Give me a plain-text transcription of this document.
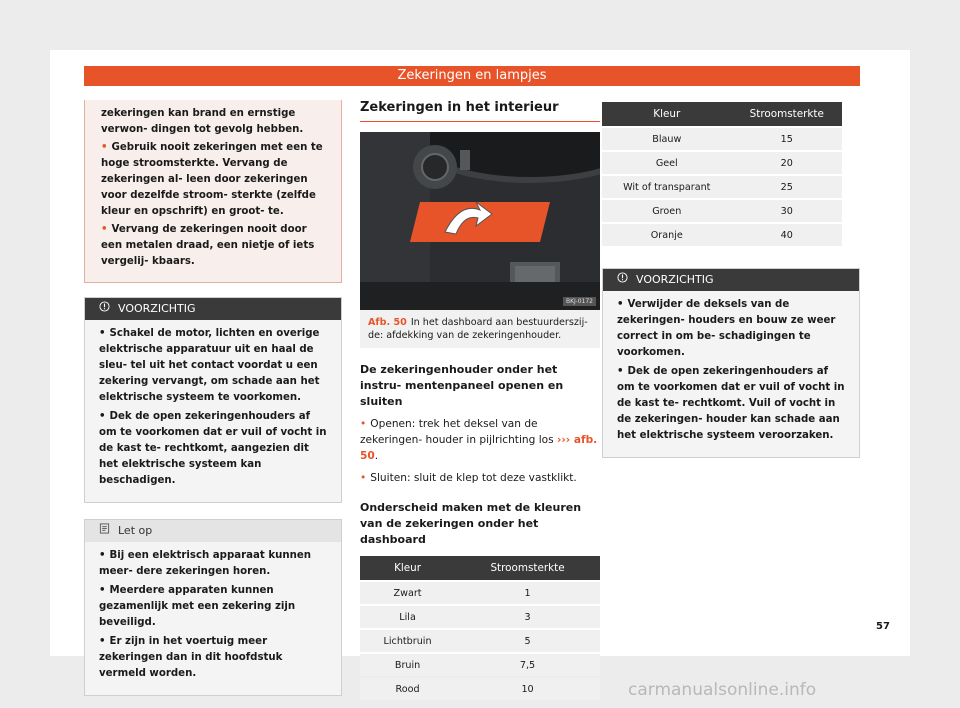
Zekeringen en lampjes

zekeringen kan brand en ernstige verwon- dingen tot gevolg hebben.

• Gebruik nooit zekeringen met een te hoge stroomsterkte. Vervang de zekeringen al- leen door zekeringen voor dezelfde stroom- sterkte (zelfde kleur en opschrift) en groot- te.

• Vervang de zekeringen nooit door een metalen draad, een nietje of iets vergelij- kbaars.

VOORZICHTIG

• Schakel de motor, lichten en overige elektrische apparatuur uit en haal de sleu- tel uit het contact voordat u een zekering vervangt, om schade aan het elektrische systeem te voorkomen.

• Dek de open zekeringenhouders af om te voorkomen dat er vuil of vocht in de kast te- rechtkomt, aangezien dit het elektrische systeem kan beschadigen.

Let op

• Bij een elektrisch apparaat kunnen meer- dere zekeringen horen.

• Meerdere apparaten kunnen gezamenlijk met een zekering zijn beveiligd.

• Er zijn in het voertuig meer zekeringen dan in dit hoofdstuk vermeld worden.

Zekeringen in het interieur
BKJ-0172
Afb. 50 In het dashboard aan bestuurderszij- de: afdekking van de zekeringenhouder.
De zekeringenhouder onder het instru- mentenpaneel openen en sluiten

• Openen: trek het deksel van de zekeringen- houder in pijlrichting los ››› afb. 50.

• Sluiten: sluit de klep tot deze vastklikt.

Onderscheid maken met de kleuren van de zekeringen onder het dashboard
Kleur	Stroomsterkte
Zwart	1
Lila	3
Lichtbruin	5
Bruin	7,5
Rood	10
Kleur	Stroomsterkte
Blauw	15
Geel	20
Wit of transparant	25
Groen	30
Oranje	40
VOORZICHTIG

• Verwijder de deksels van de zekeringen- houders en bouw ze weer correct in om be- schadigingen te voorkomen.

• Dek de open zekeringenhouders af om te voorkomen dat er vuil of vocht in de kast te- rechtkomt. Vuil of vocht in de zekeringen- houder kan schade aan het elektrische systeem veroorzaken.

57
carmanualsonline.info
